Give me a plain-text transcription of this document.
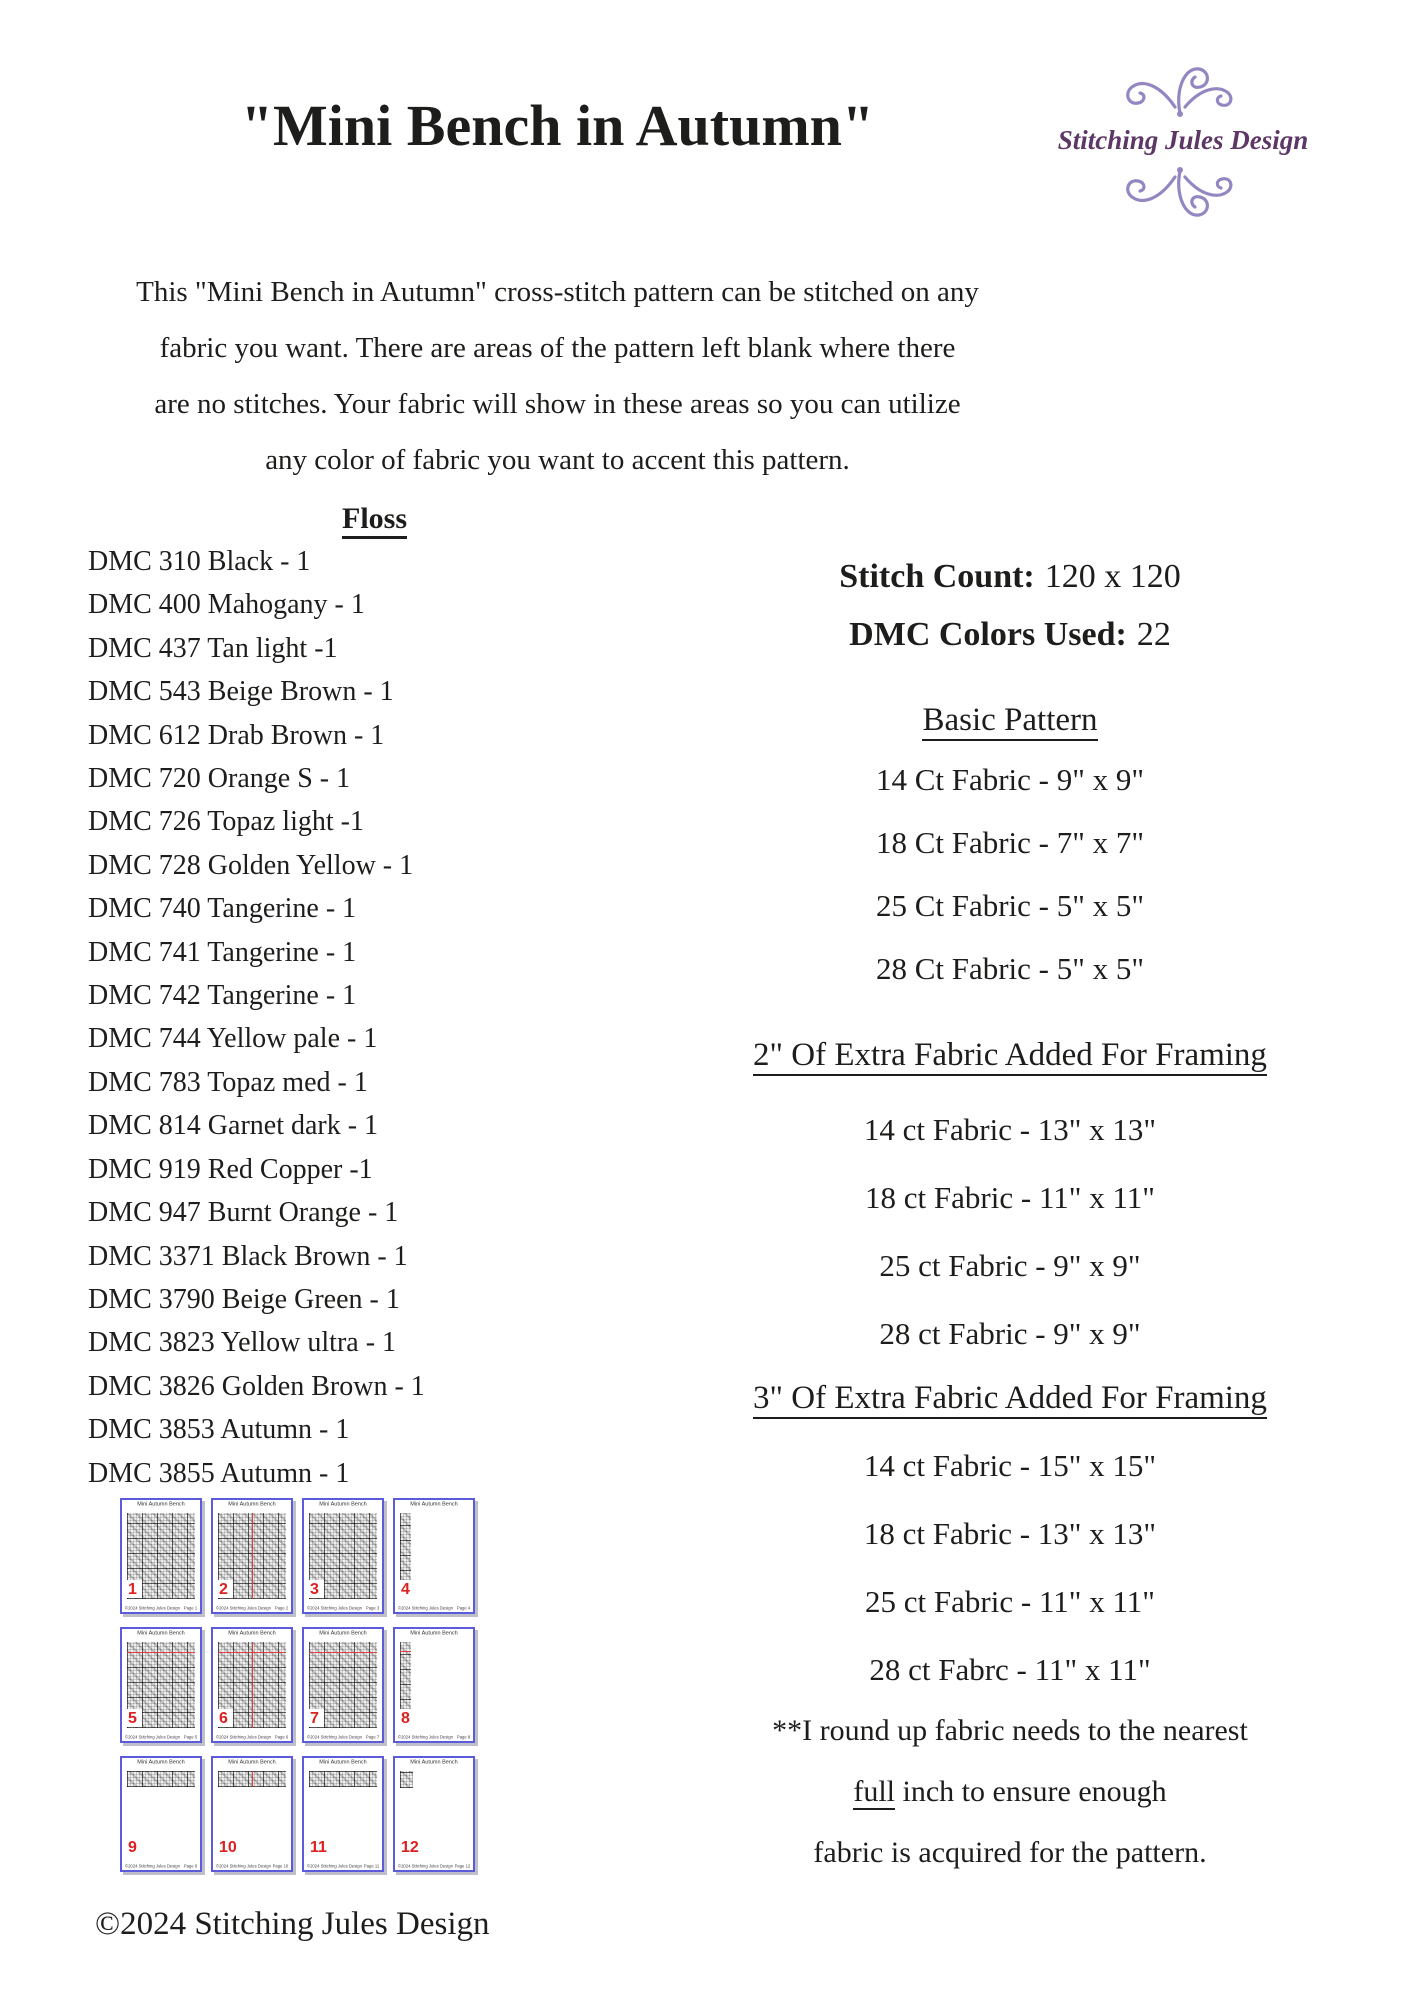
"Mini Bench in Autumn"	Stitching Jules Design
This "Mini Bench in Autumn" cross-stitch pattern can be stitched on any
fabric you want. There are areas of the pattern left blank where there
are no stitches. Your fabric will show in these areas so you can utilize
any color of fabric you want to accent this pattern.
Floss
DMC 310 Black - 1
DMC 400 Mahogany - 1
DMC 437 Tan light -1
DMC 543 Beige Brown - 1
DMC 612 Drab Brown - 1
DMC 720 Orange S - 1
DMC 726 Topaz light -1
DMC 728 Golden Yellow - 1
DMC 740 Tangerine - 1
DMC 741 Tangerine - 1
DMC 742 Tangerine - 1
DMC 744 Yellow pale - 1
DMC 783 Topaz med - 1
DMC 814 Garnet dark - 1
DMC 919 Red Copper -1
DMC 947 Burnt Orange - 1
DMC 3371 Black Brown - 1
DMC 3790 Beige Green - 1
DMC 3823 Yellow ultra - 1
DMC 3826 Golden Brown - 1
DMC 3853 Autumn - 1
DMC 3855 Autumn - 1
Stitch Count: 120 x 120
DMC Colors Used: 22
Basic Pattern
14 Ct Fabric - 9" x 9"
18 Ct Fabric - 7" x 7"
25 Ct Fabric - 5" x 5"
28 Ct Fabric - 5" x 5"
2" Of Extra Fabric Added For Framing
14 ct Fabric - 13" x 13"
18 ct Fabric - 11" x 11"
25 ct Fabric - 9" x 9"
28 ct Fabric - 9" x 9"
3" Of Extra Fabric Added For Framing
14 ct Fabric - 15" x 15"
18 ct Fabric - 13" x 13"
25 ct Fabric - 11" x 11"
28 ct Fabrc - 11" x 11"
**I round up fabric needs to the nearest
full inch to ensure enough
fabric is acquired for the pattern.
Mini Autumn Bench
1
©2024 Stitching Jules Design Page 1
Mini Autumn Bench
2
©2024 Stitching Jules Design Page 2
Mini Autumn Bench
3
©2024 Stitching Jules Design Page 3
Mini Autumn Bench
4
©2024 Stitching Jules Design Page 4
Mini Autumn Bench
5
©2024 Stitching Jules Design Page 5
Mini Autumn Bench
6
©2024 Stitching Jules Design Page 6
Mini Autumn Bench
7
©2024 Stitching Jules Design Page 7
Mini Autumn Bench
8
©2024 Stitching Jules Design Page 8
Mini Autumn Bench
9
©2024 Stitching Jules Design Page 9
Mini Autumn Bench
10
©2024 Stitching Jules Design Page 10
Mini Autumn Bench
11
©2024 Stitching Jules Design Page 11
Mini Autumn Bench
12
©2024 Stitching Jules Design Page 12
©2024 Stitching Jules Design
